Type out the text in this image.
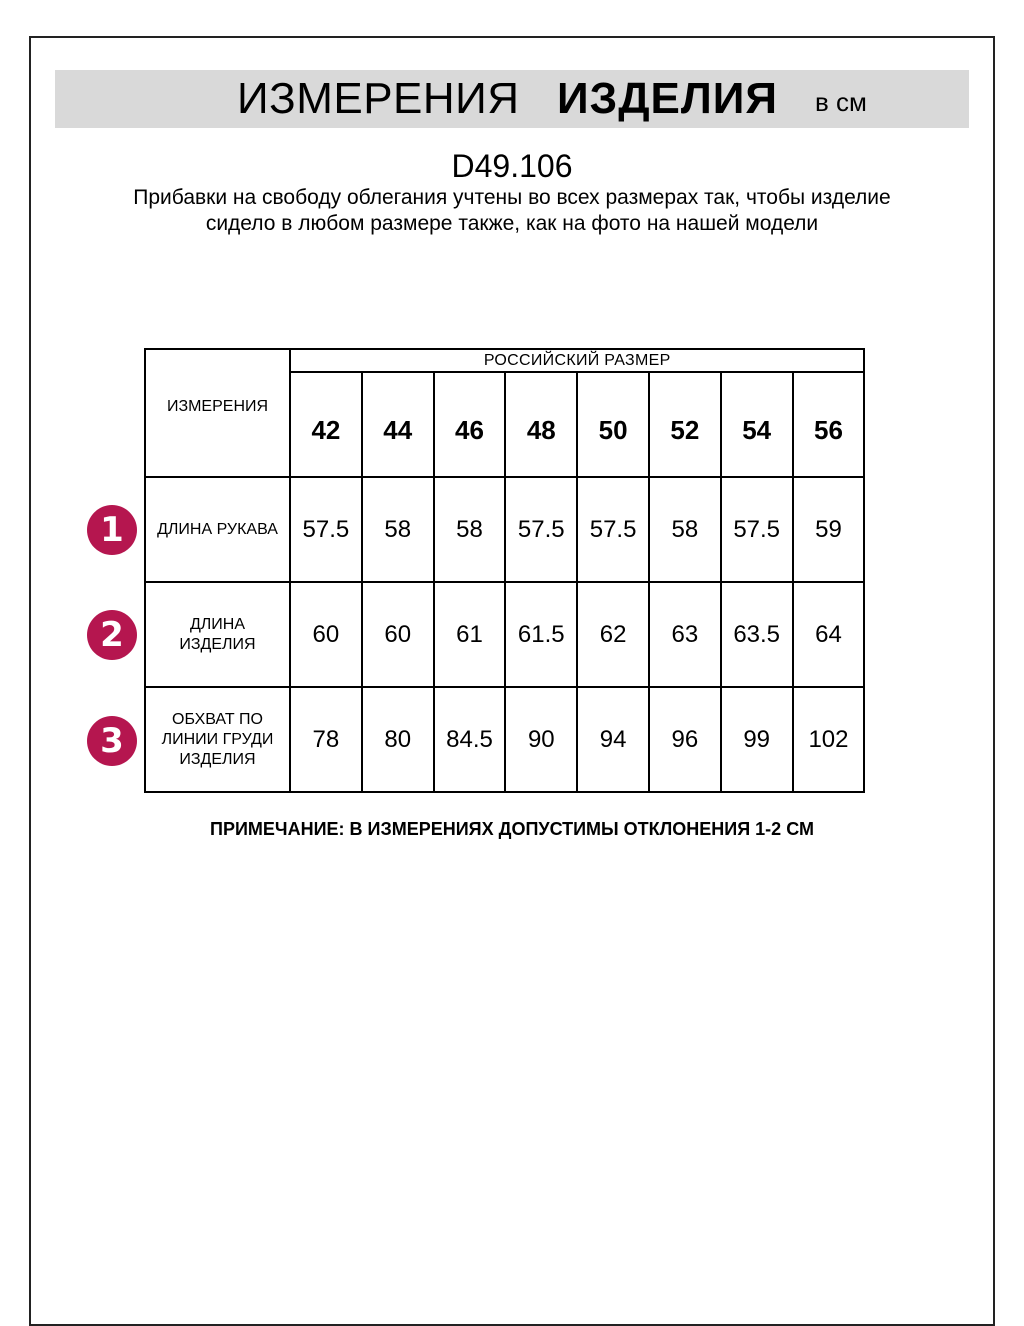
ИЗМЕРЕНИЯ ИЗДЕЛИЯ в см
D49.106
Прибавки на свободу облегания учтены во всех размерах так, чтобы изделие сидело в любом размере также, как на фото на нашей модели
ИЗМЕРЕНИЯ	РОССИЙСКИЙ РАЗМЕР							
	42	44	46	48	50	52	54	56

ДЛИНА РУКАВА	57.5	58	58	57.5	57.5	58	57.5	59

ДЛИНА
ИЗДЕЛИЯ	60	60	61	61.5	62	63	63.5	64

ОБХВАТ ПО
ЛИНИИ ГРУДИ
ИЗДЕЛИЯ	78	80	84.5	90	94	96	99	102
1
2
3
ПРИМЕЧАНИЕ: В ИЗМЕРЕНИЯХ ДОПУСТИМЫ ОТКЛОНЕНИЯ 1-2 СМ
